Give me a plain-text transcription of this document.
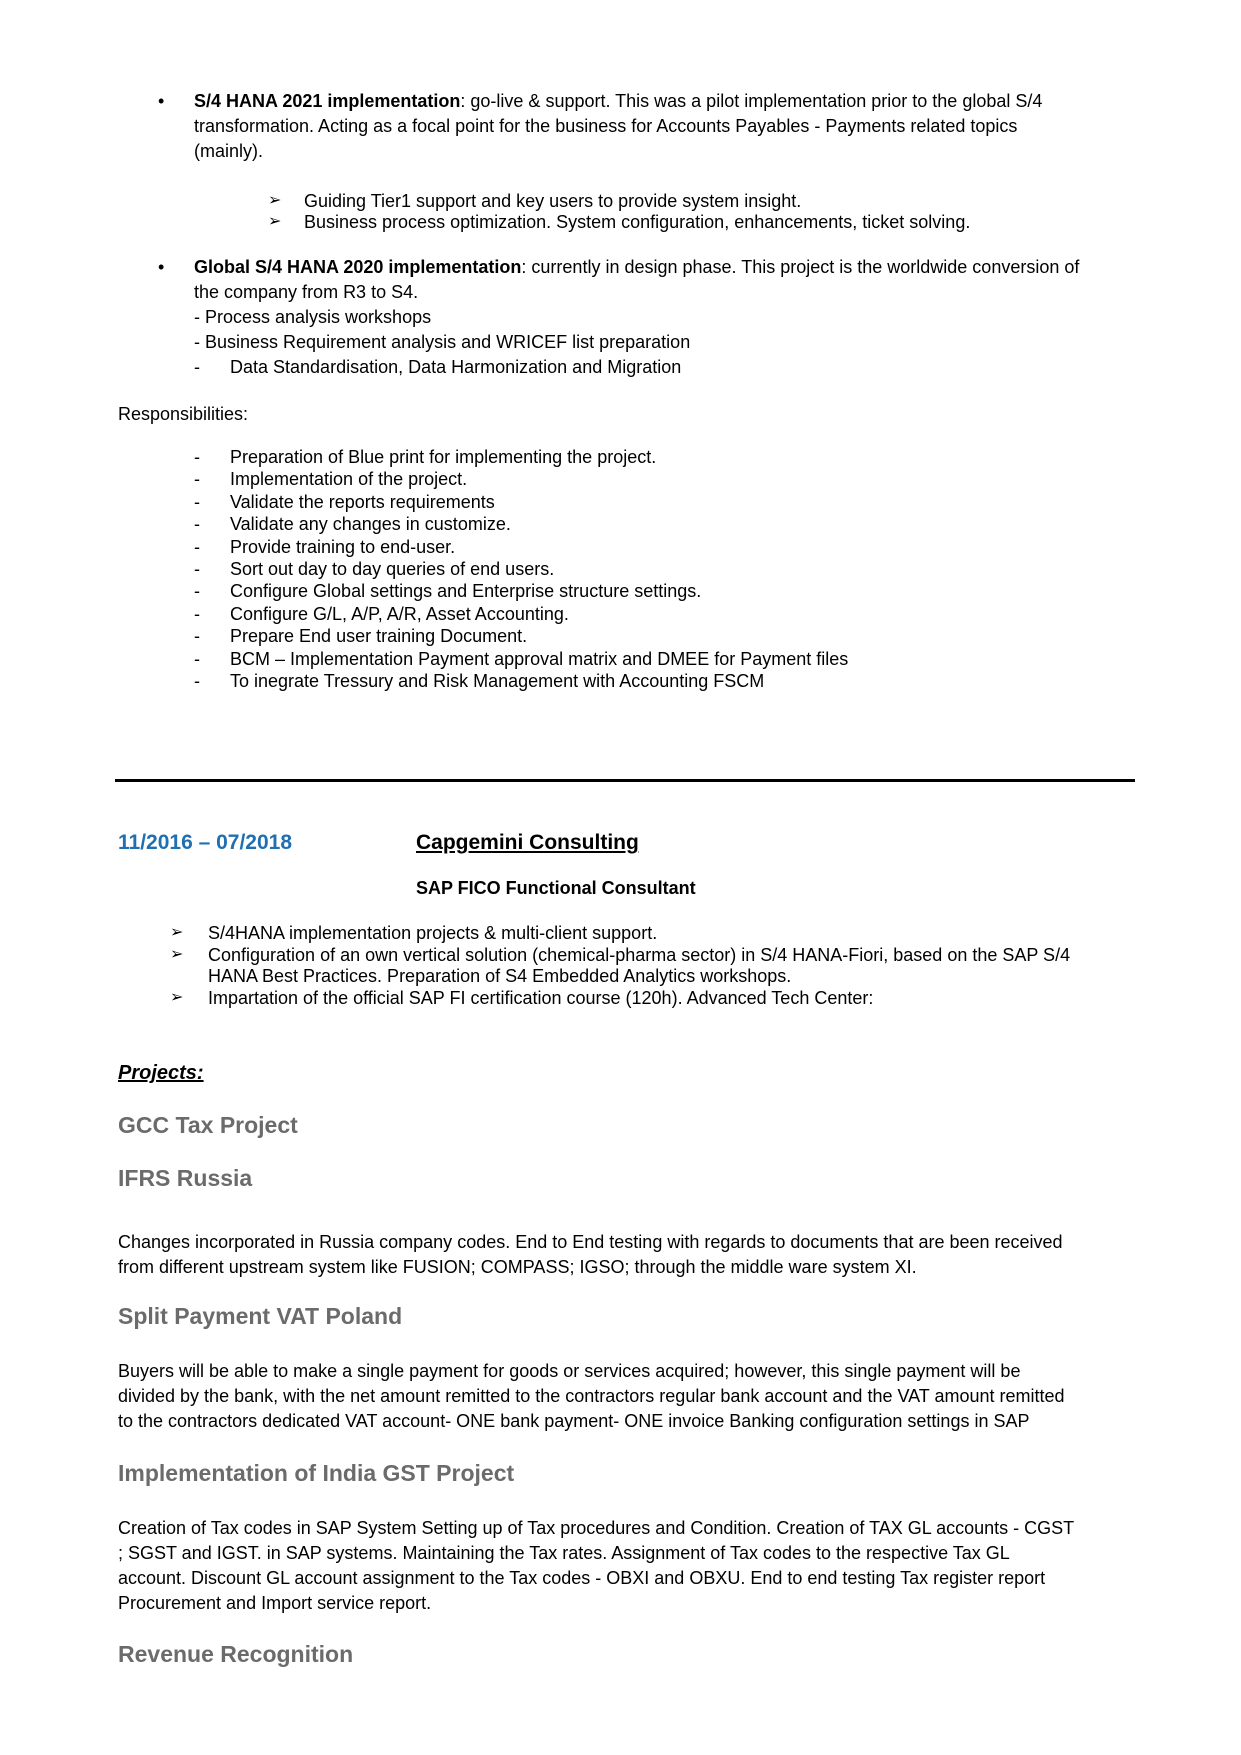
• S/4 HANA 2021 implementation: go-live & support. This was a pilot implementation prior to the global S/4
transformation. Acting as a focal point for the business for Accounts Payables - Payments related topics
(mainly).
➢ Guiding Tier1 support and key users to provide system insight.
➢ Business process optimization. System configuration, enhancements, ticket solving.
• Global S/4 HANA 2020 implementation: currently in design phase. This project is the worldwide conversion of
the company from R3 to S4.
- Process analysis workshops
- Business Requirement analysis and WRICEF list preparation
- Data Standardisation, Data Harmonization and Migration
Responsibilities:
- Preparation of Blue print for implementing the project.
- Implementation of the project.
- Validate the reports requirements
- Validate any changes in customize.
- Provide training to end-user.
- Sort out day to day queries of end users.
- Configure Global settings and Enterprise structure settings.
- Configure G/L, A/P, A/R, Asset Accounting.
- Prepare End user training Document.
- BCM – Implementation Payment approval matrix and DMEE for Payment files
- To inegrate Tressury and Risk Management with Accounting FSCM
11/2016 – 07/2018	Capgemini Consulting
SAP FICO Functional Consultant
➢ S/4HANA implementation projects & multi-client support.
➢ Configuration of an own vertical solution (chemical-pharma sector) in S/4 HANA-Fiori, based on the SAP S/4
HANA Best Practices. Preparation of S4 Embedded Analytics workshops.
➢ Impartation of the official SAP FI certification course (120h). Advanced Tech Center:
Projects:
GCC Tax Project
IFRS Russia
Changes incorporated in Russia company codes. End to End testing with regards to documents that are been received
from different upstream system like FUSION; COMPASS; IGSO; through the middle ware system XI.
Split Payment VAT Poland
Buyers will be able to make a single payment for goods or services acquired; however, this single payment will be
divided by the bank, with the net amount remitted to the contractors regular bank account and the VAT amount remitted
to the contractors dedicated VAT account- ONE bank payment- ONE invoice Banking configuration settings in SAP
Implementation of India GST Project
Creation of Tax codes in SAP System Setting up of Tax procedures and Condition. Creation of TAX GL accounts - CGST
; SGST and IGST. in SAP systems. Maintaining the Tax rates. Assignment of Tax codes to the respective Tax GL
account. Discount GL account assignment to the Tax codes - OBXI and OBXU. End to end testing Tax register report
Procurement and Import service report.
Revenue Recognition
